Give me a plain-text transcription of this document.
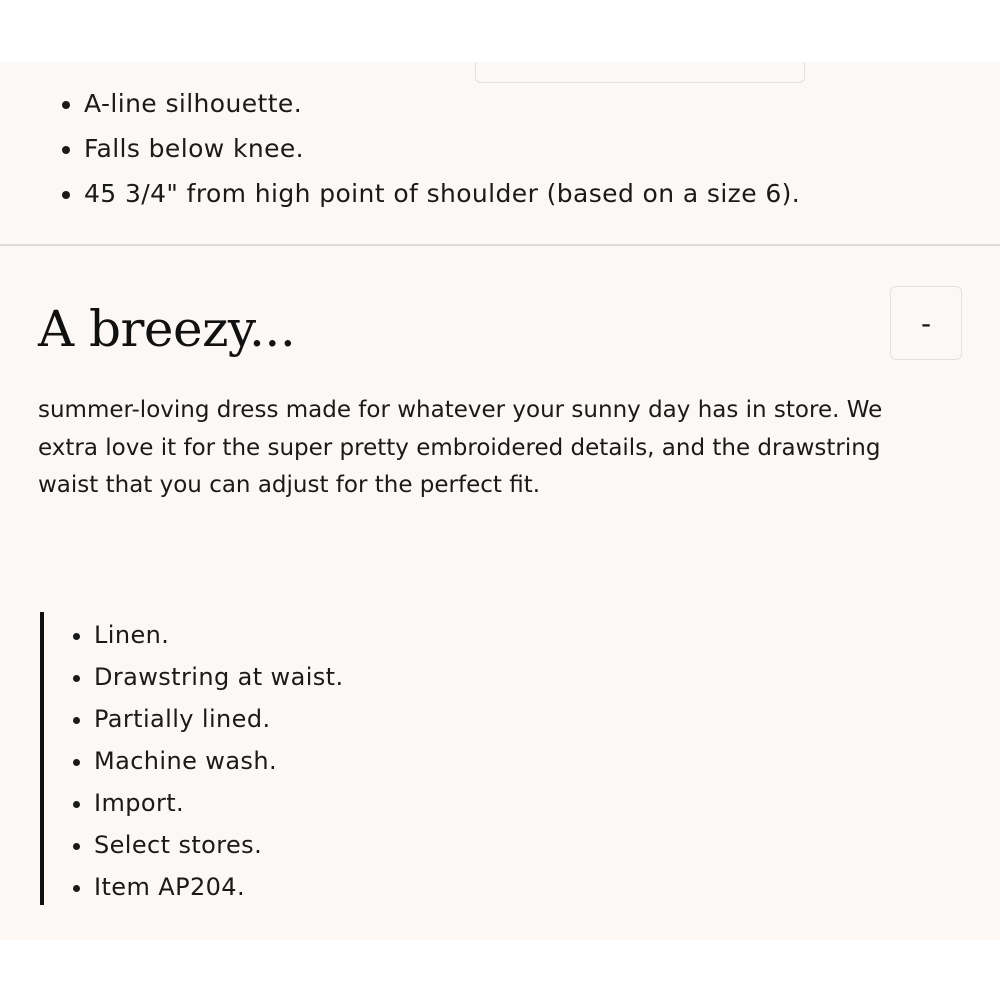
• A-line silhouette.
• Falls below knee.
• 45 3/4" from high point of shoulder (based on a size 6).
A breezy...	-

summer-loving dress made for whatever your sunny day has in store. We extra love it for the super pretty embroidered details, and the drawstring waist that you can adjust for the perfect fit.

• Linen.
• Drawstring at waist.
• Partially lined.
• Machine wash.
• Import.
• Select stores.
• Item AP204.
